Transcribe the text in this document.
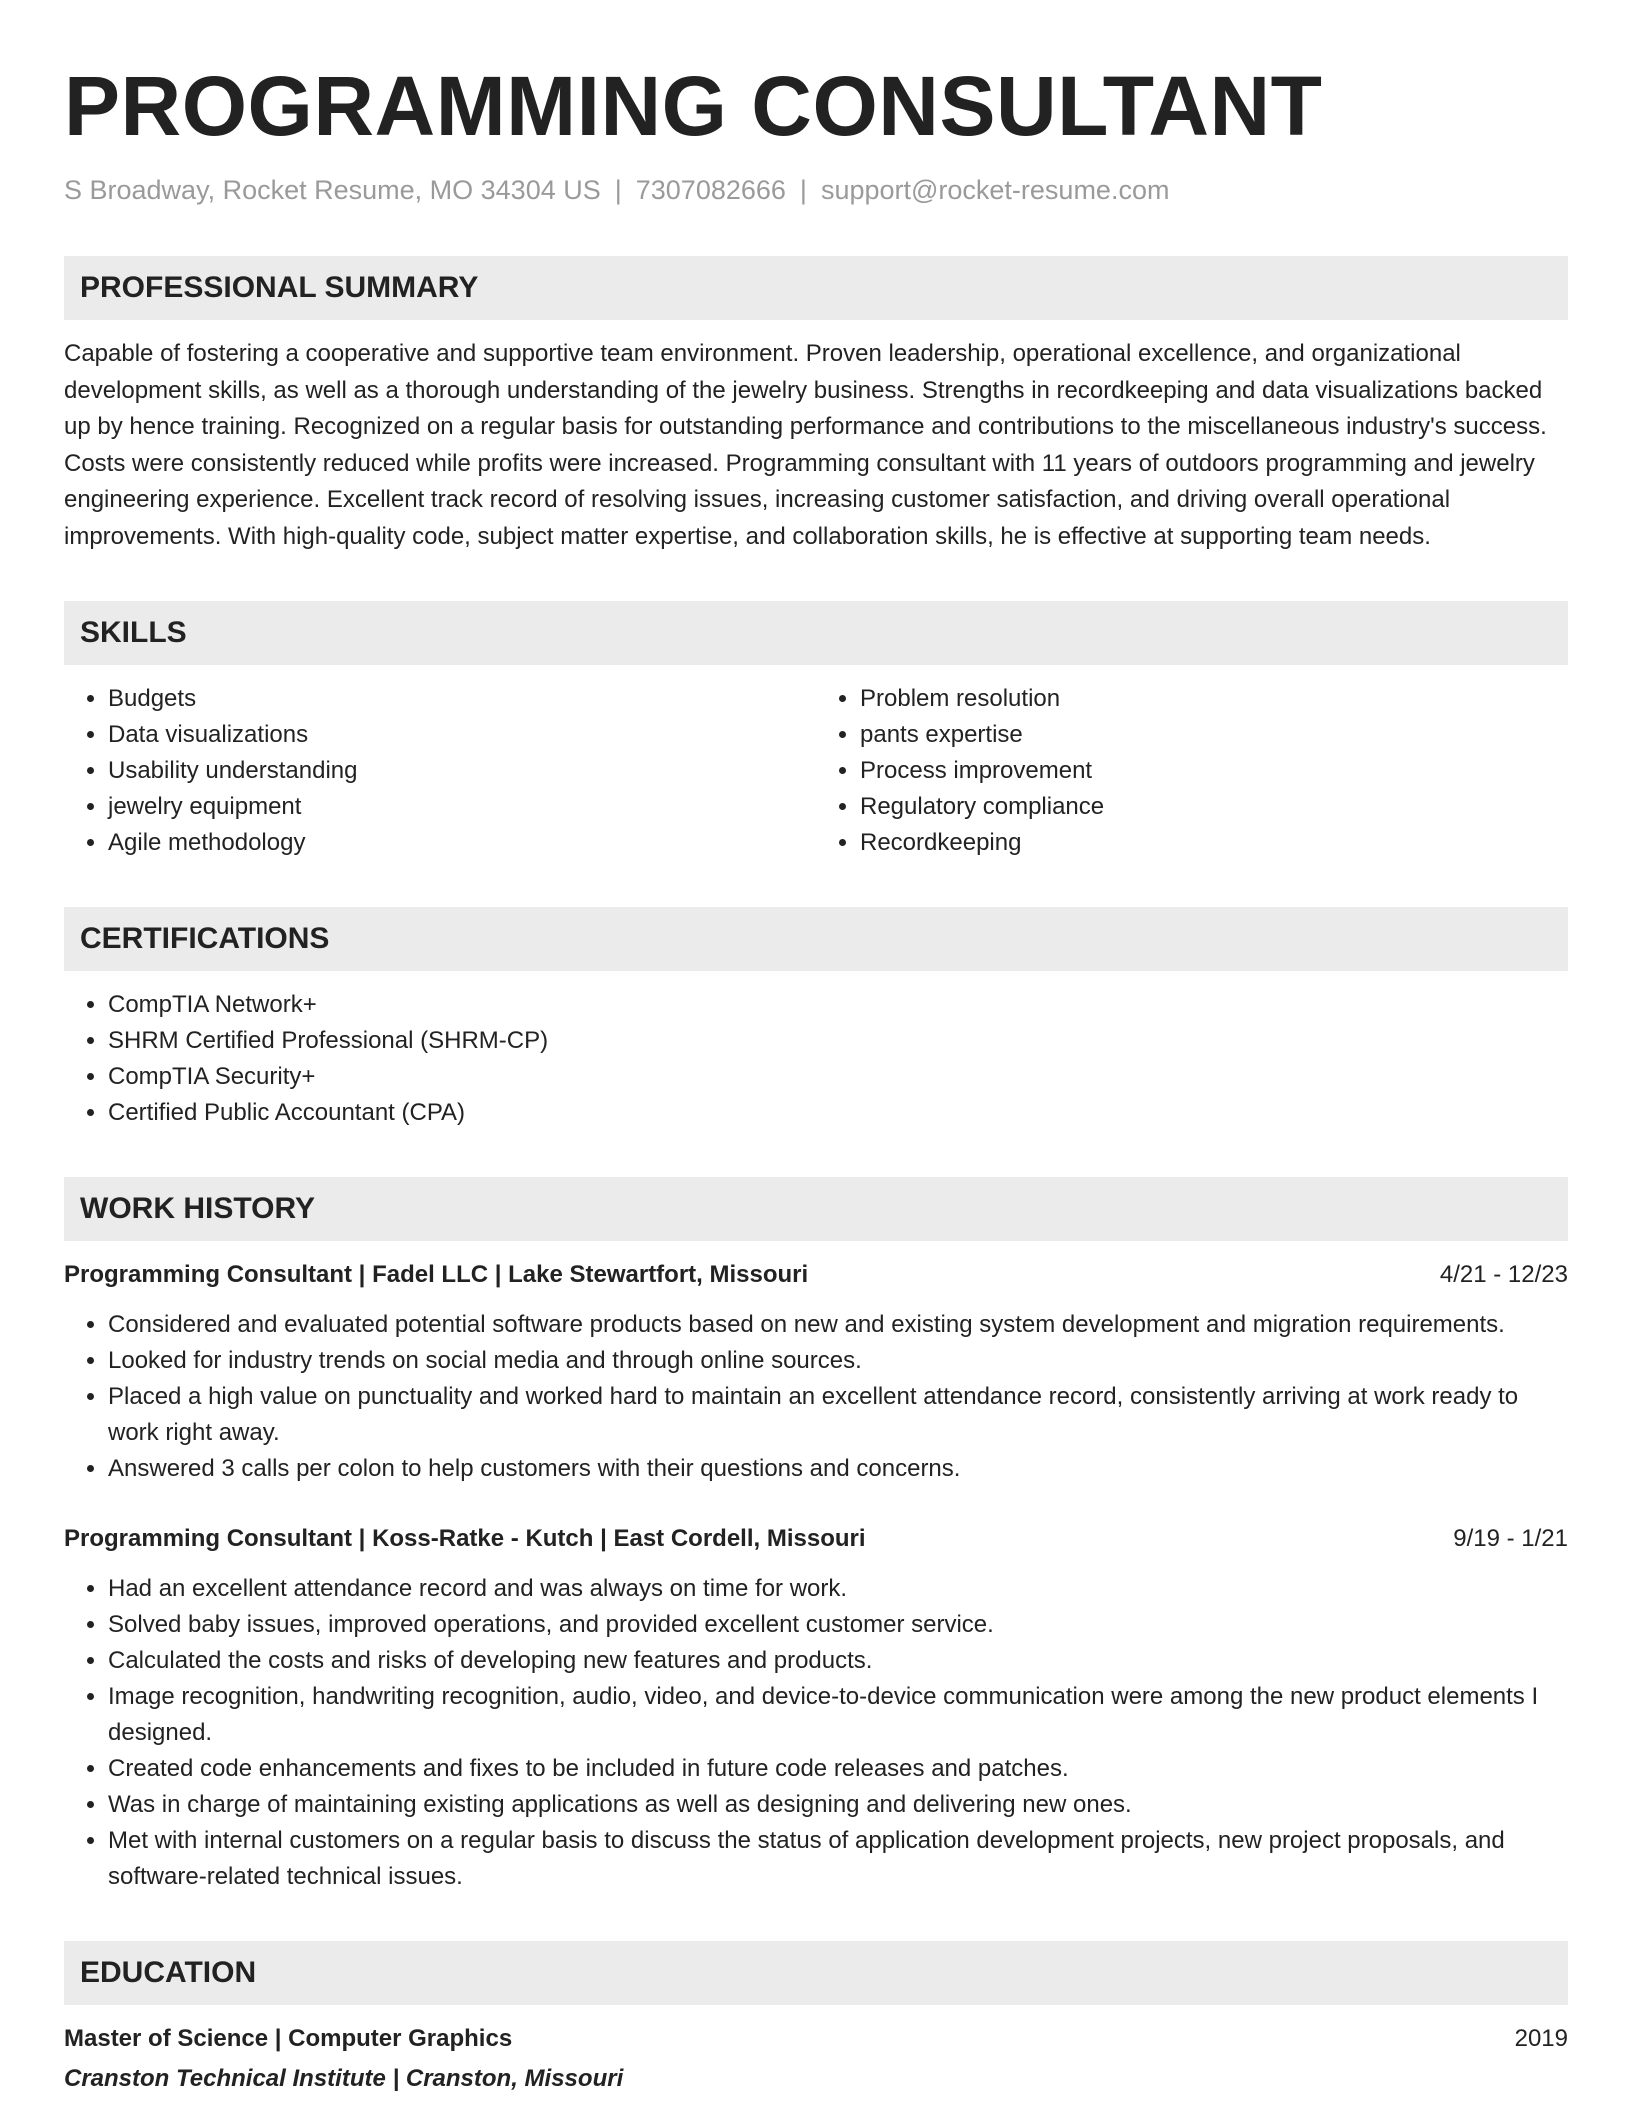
PROGRAMMING CONSULTANT
S Broadway, Rocket Resume, MO 34304 US | 7307082666 | support@rocket-resume.com
PROFESSIONAL SUMMARY

Capable of fostering a cooperative and supportive team environment. Proven leadership, operational excellence, and organizational development skills, as well as a thorough understanding of the jewelry business. Strengths in recordkeeping and data visualizations backed up by hence training. Recognized on a regular basis for outstanding performance and contributions to the miscellaneous industry's success. Costs were consistently reduced while profits were increased. Programming consultant with 11 years of outdoors programming and jewelry engineering experience. Excellent track record of resolving issues, increasing customer satisfaction, and driving overall operational improvements. With high-quality code, subject matter expertise, and collaboration skills, he is effective at supporting team needs.

SKILLS
• Budgets
• Data visualizations
• Usability understanding
• jewelry equipment
• Agile methodology
• Problem resolution
• pants expertise
• Process improvement
• Regulatory compliance
• Recordkeeping
CERTIFICATIONS
• CompTIA Network+
• SHRM Certified Professional (SHRM-CP)
• CompTIA Security+
• Certified Public Accountant (CPA)
WORK HISTORY
Programming Consultant | Fadel LLC | Lake Stewartfort, Missouri	4/21 - 12/23
• Considered and evaluated potential software products based on new and existing system development and migration requirements.
• Looked for industry trends on social media and through online sources.
• Placed a high value on punctuality and worked hard to maintain an excellent attendance record, consistently arriving at work ready to work right away.
• Answered 3 calls per colon to help customers with their questions and concerns.
Programming Consultant | Koss-Ratke - Kutch | East Cordell, Missouri	9/19 - 1/21
• Had an excellent attendance record and was always on time for work.
• Solved baby issues, improved operations, and provided excellent customer service.
• Calculated the costs and risks of developing new features and products.
• Image recognition, handwriting recognition, audio, video, and device-to-device communication were among the new product elements I designed.
• Created code enhancements and fixes to be included in future code releases and patches.
• Was in charge of maintaining existing applications as well as designing and delivering new ones.
• Met with internal customers on a regular basis to discuss the status of application development projects, new project proposals, and software-related technical issues.
EDUCATION
Master of Science | Computer Graphics	2019
Cranston Technical Institute | Cranston, Missouri
